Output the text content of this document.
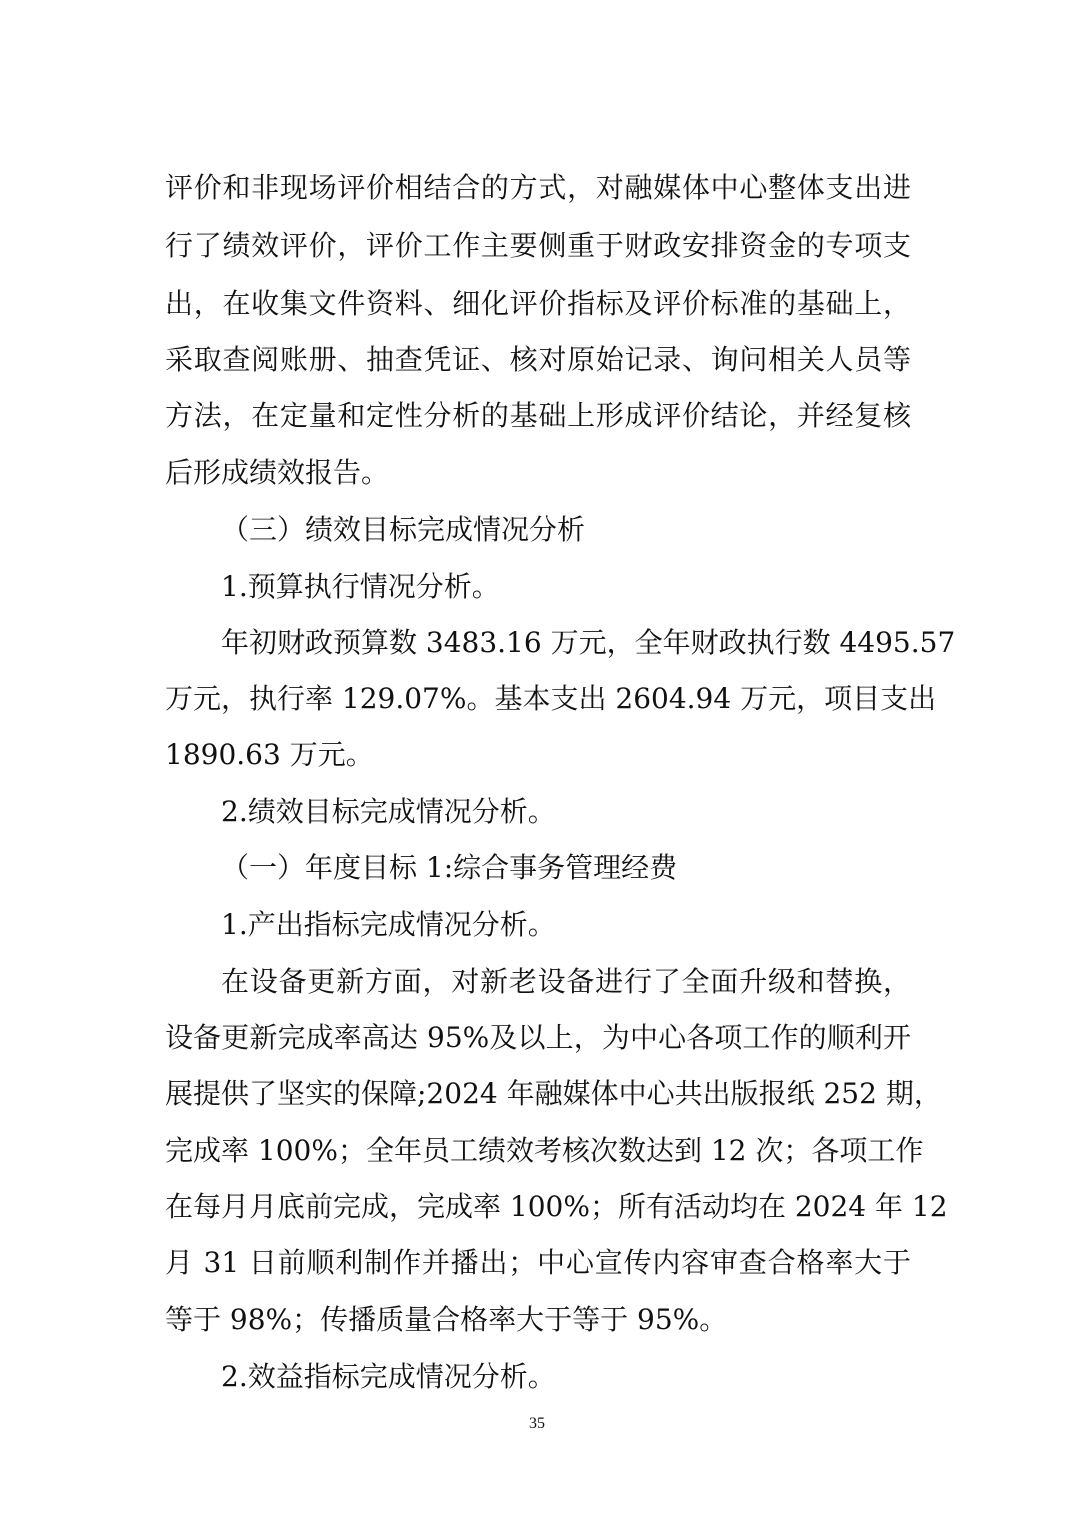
评价和非现场评价相结合的方式，对融媒体中心整体支出进

行了绩效评价，评价工作主要侧重于财政安排资金的专项支

出，在收集文件资料、细化评价指标及评价标准的基础上，

采取查阅账册、抽查凭证、核对原始记录、询问相关人员等

方法，在定量和定性分析的基础上形成评价结论，并经复核

后形成绩效报告。

（三）绩效目标完成情况分析

1.预算执行情况分析。

年初财政预算数 3483.16 万元，全年财政执行数 4495.57

万元，执行率 129.07%。基本支出 2604.94 万元，项目支出

1890.63 万元。

2.绩效目标完成情况分析。

（一）年度目标 1:综合事务管理经费

1.产出指标完成情况分析。

在设备更新方面，对新老设备进行了全面升级和替换，

设备更新完成率高达 95%及以上，为中心各项工作的顺利开

展提供了坚实的保障;2024 年融媒体中心共出版报纸 252 期，

完成率 100%；全年员工绩效考核次数达到 12 次；各项工作

在每月月底前完成，完成率 100%；所有活动均在 2024 年 12

月 31 日前顺利制作并播出；中心宣传内容审查合格率大于

等于 98%；传播质量合格率大于等于 95%。

2.效益指标完成情况分析。

35
